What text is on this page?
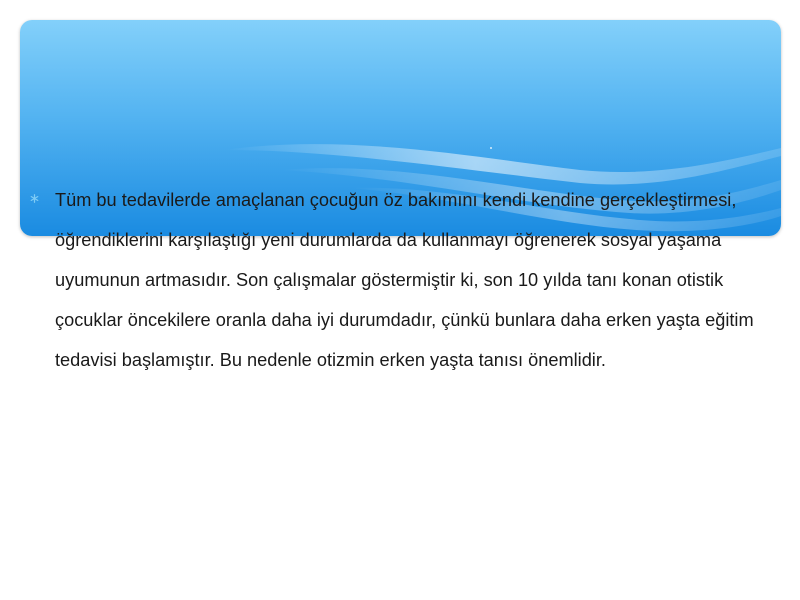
Tüm bu tedavilerde amaçlanan çocuğun öz bakımını kendi kendine gerçekleştirmesi, öğrendiklerini karşılaştığı yeni durumlarda da kullanmayı öğrenerek sosyal yaşama uyumunun artmasıdır. Son çalışmalar göstermiştir ki, son 10 yılda tanı konan otistik çocuklar öncekilere oranla daha iyi durumdadır, çünkü bunlara daha erken yaşta eğitim tedavisi başlamıştır. Bu nedenle otizmin erken yaşta tanısı önemlidir.
